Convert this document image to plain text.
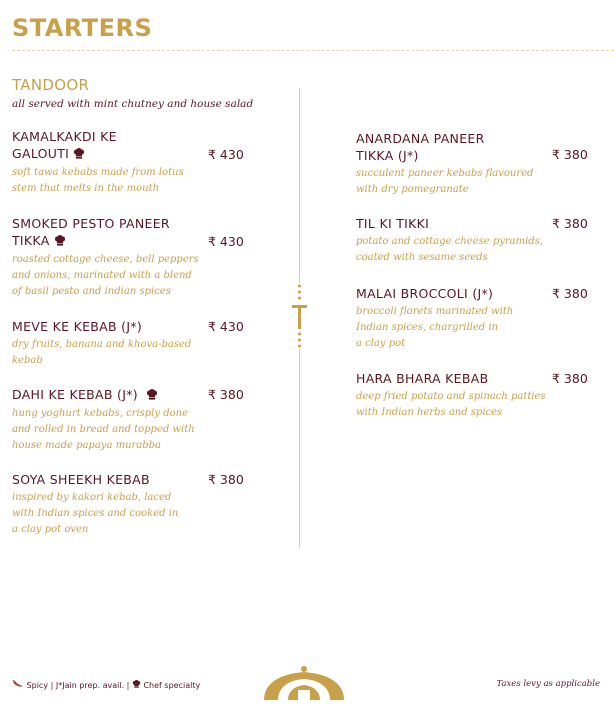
STARTERS
TANDOOR
all served with mint chutney and house salad
KAMALKAKDI KE
GALOUTI	₹ 430
soft tawa kebabs made from lotus
stem that melts in the mouth
SMOKED PESTO PANEER
TIKKA	₹ 430
roasted cottage cheese, bell peppers
and onions, marinated with a blend
of basil pesto and indian spices
MEVE KE KEBAB (J*)	₹ 430
dry fruits, banana and khova-based
kebab
DAHI KE KEBAB (J*)	₹ 380
hung yoghurt kebabs, crisply done
and rolled in bread and topped with
house made papaya murabba
SOYA SHEEKH KEBAB	₹ 380
inspired by kakori kebab, laced
with Indian spices and cooked in
a clay pot oven
ANARDANA PANEER
TIKKA (J*)	₹ 380
succulent paneer kebabs flavoured
with dry pomegranate
TIL KI TIKKI	₹ 380
potato and cottage cheese pyramids,
coated with sesame seeds
MALAI BROCCOLI (J*)	₹ 380
broccoli florets marinated with
Indian spices, chargrilled in
a clay pot
HARA BHARA KEBAB	₹ 380
deep fried potato and spinach patties
with Indian herbs and spices
Spicy | J*Jain prep. avail. | Chef specialty	Taxes levy as applicable
